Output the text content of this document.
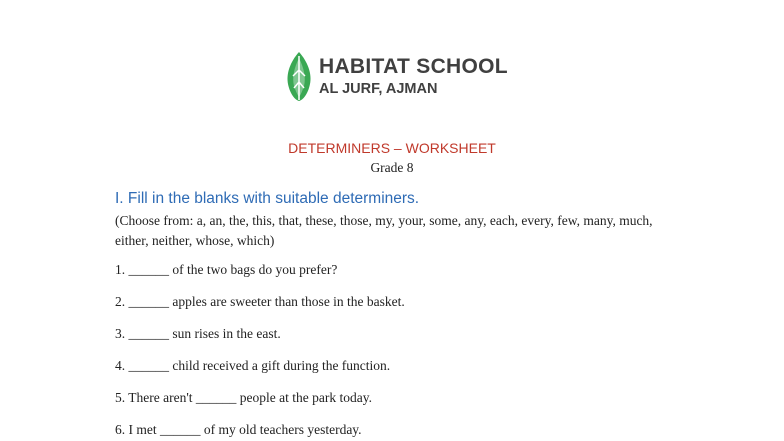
HABITAT SCHOOL
AL JURF, AJMAN
DETERMINERS – WORKSHEET
Grade 8
I. Fill in the blanks with suitable determiners.
(Choose from: a, an, the, this, that, these, those, my, your, some, any, each, every, few, many, much, either, neither, whose, which)
1. ______ of the two bags do you prefer?
2. ______ apples are sweeter than those in the basket.
3. ______ sun rises in the east.
4. ______ child received a gift during the function.
5. There aren't ______ people at the park today.
6. I met ______ of my old teachers yesterday.
